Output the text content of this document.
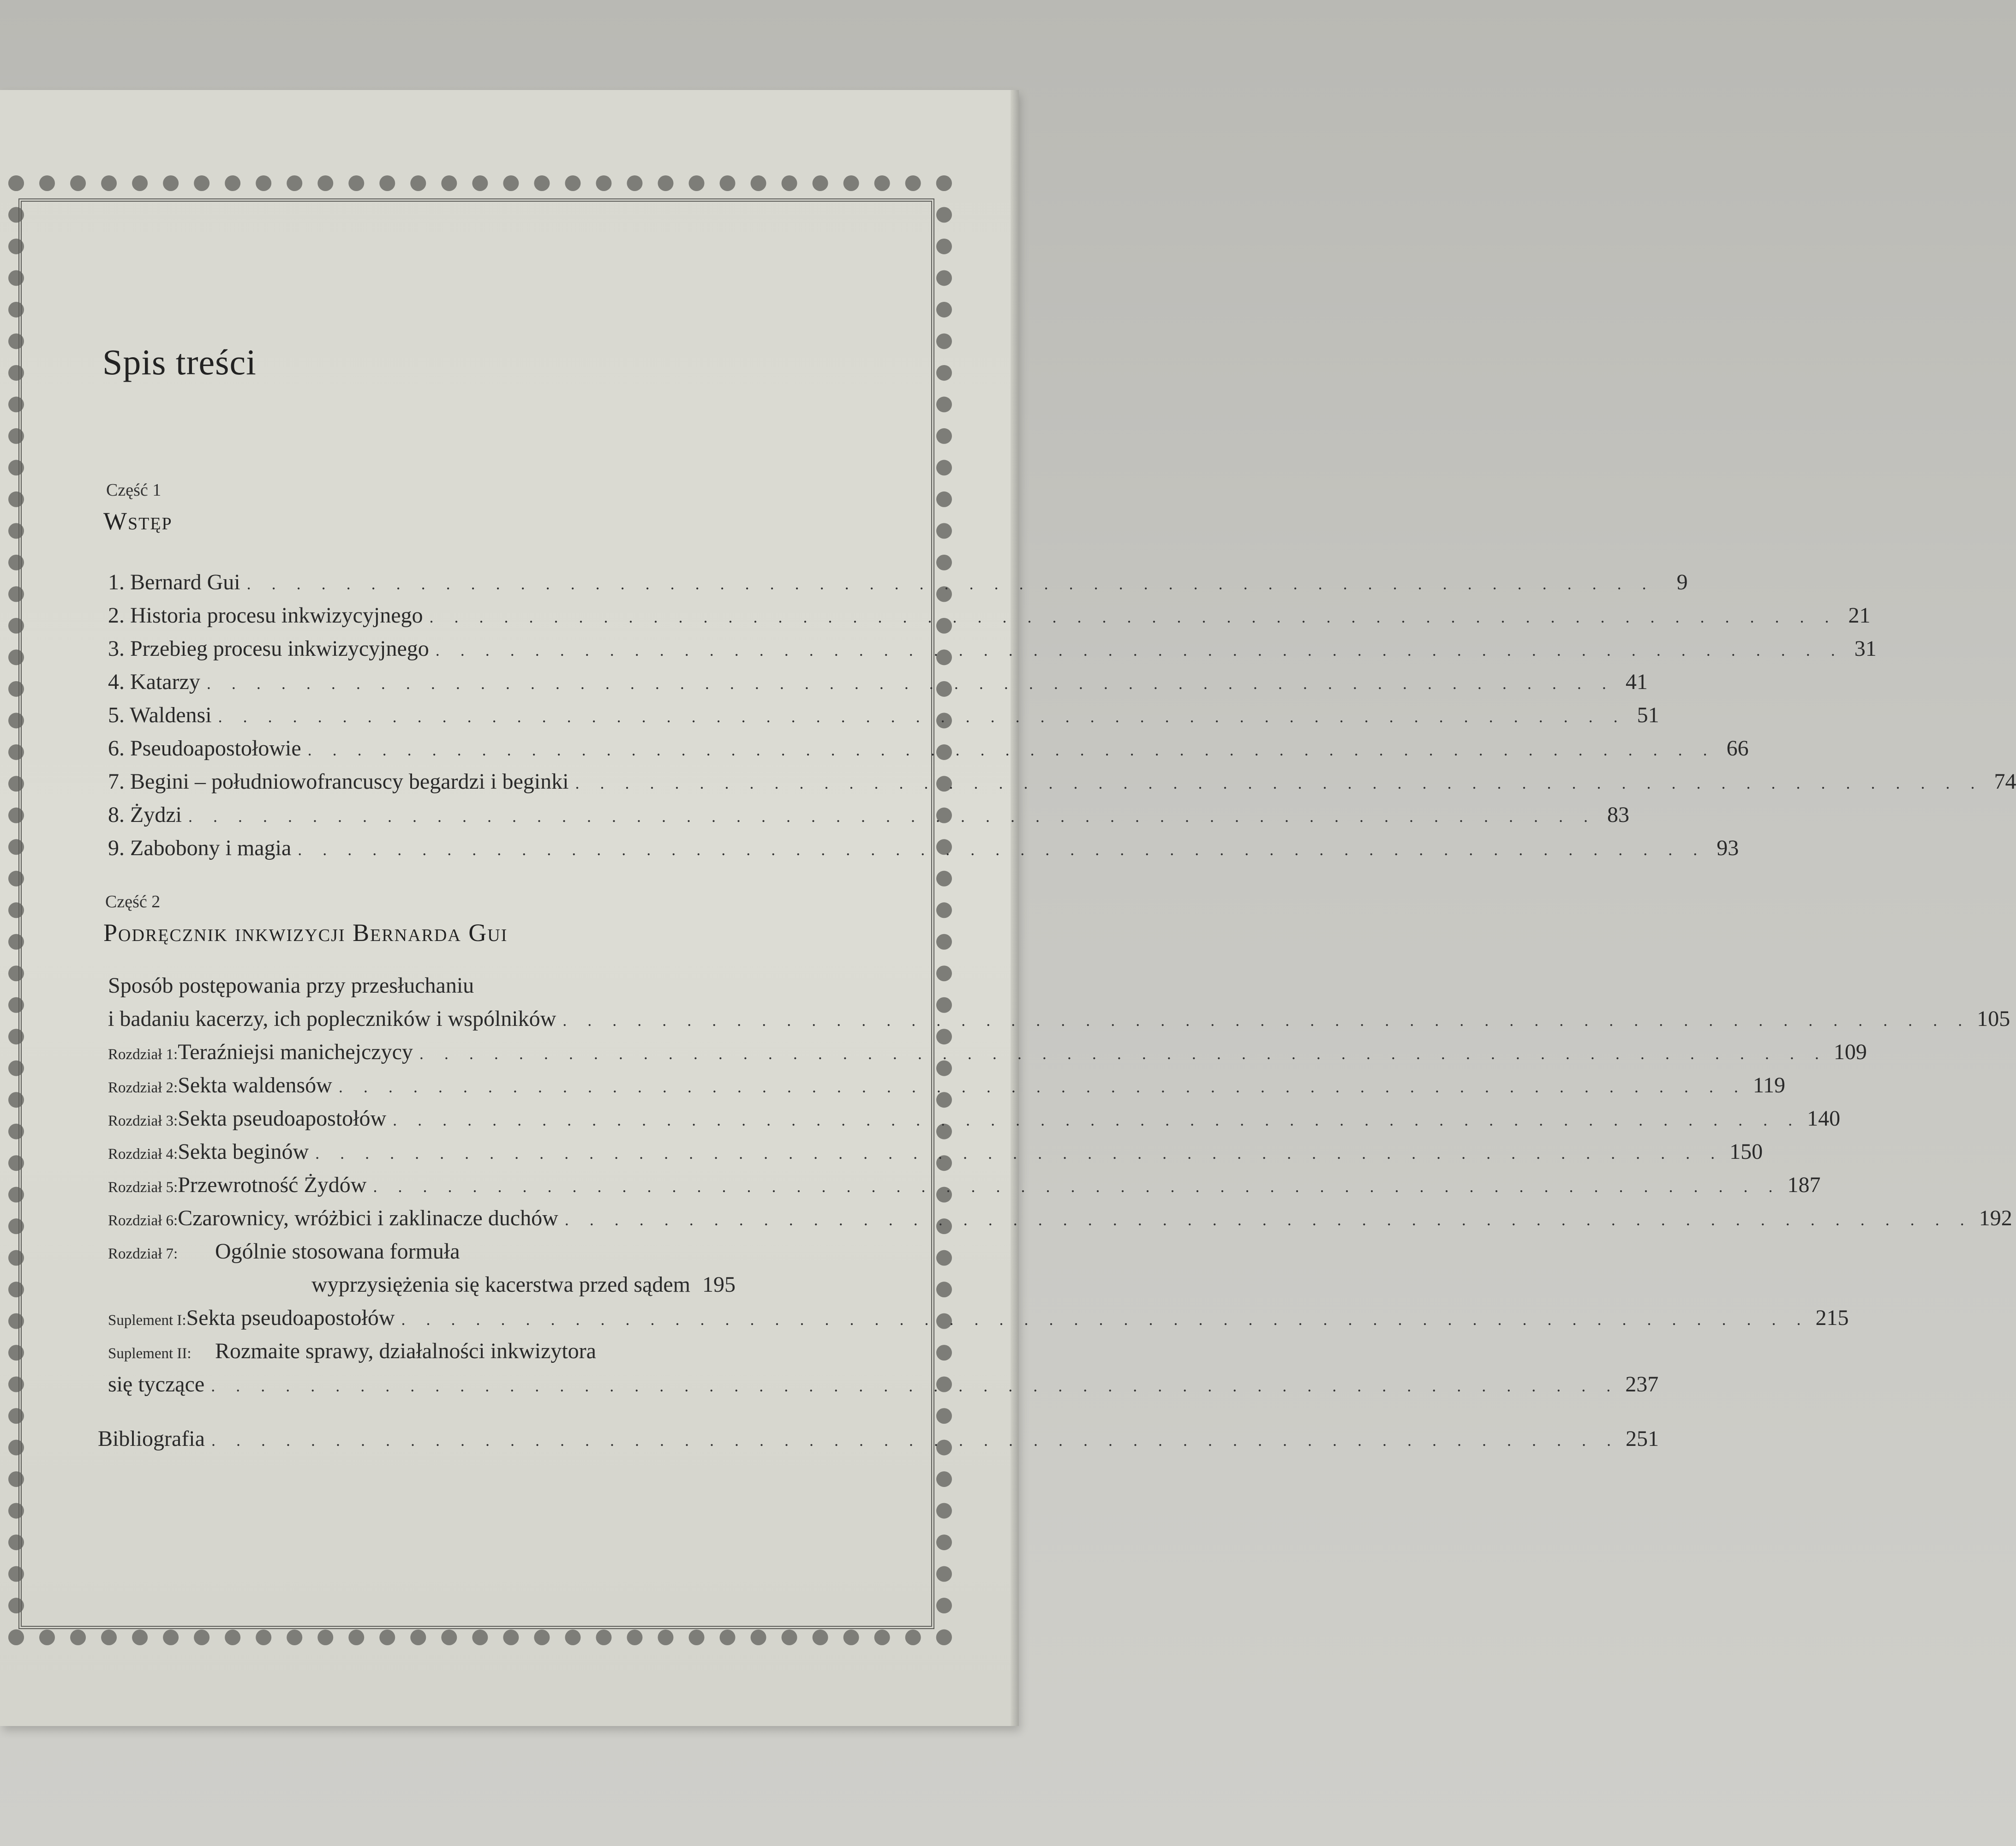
Spis treści
Część 1
Wstęp
1. Bernard Gui . . . . . . . . . . . . . . . . . . . . . . . . . . . . . . . . . . . . . . . . . . . . . . . . . . . . . . . . .	9
2. Historia procesu inkwizycyjnego . . . . . . . . . . . . . . . . . . . . . . . . . . . . . . . . . . . . . . . . . . . . . . . . . . . . . . . . . 21
3. Przebieg procesu inkwizycyjnego . . . . . . . . . . . . . . . . . . . . . . . . . . . . . . . . . . . . . . . . . . . . . . . . . . . . . . . . . 31
4. Katarzy . . . . . . . . . . . . . . . . . . . . . . . . . . . . . . . . . . . . . . . . . . . . . . . . . . . . . . . . . 41
5. Waldensi . . . . . . . . . . . . . . . . . . . . . . . . . . . . . . . . . . . . . . . . . . . . . . . . . . . . . . . . . 51
6. Pseudoapostołowie . . . . . . . . . . . . . . . . . . . . . . . . . . . . . . . . . . . . . . . . . . . . . . . . . . . . . . . . . 66
7. Begini – południowofrancuscy begardzi i beginki . . . . . . . . . . . . . . . . . . . . . . . . . . . . . . . . . . . . . . . . . . . . . . . . . . . . . . . . . 74
8. Żydzi . . . . . . . . . . . . . . . . . . . . . . . . . . . . . . . . . . . . . . . . . . . . . . . . . . . . . . . . . 83
9. Zabobony i magia . . . . . . . . . . . . . . . . . . . . . . . . . . . . . . . . . . . . . . . . . . . . . . . . . . . . . . . . . 93
Część 2
Podręcznik inkwizycji Bernarda Gui
Sposób postępowania przy przesłuchaniu
i badaniu kacerzy, ich popleczników i wspólników . . . . . . . . . . . . . . . . . . . . . . . . . . . . . . . . . . . . . . . . . . . . . . . . . . . . . . . . . 105
Rozdział 1: Teraźniejsi manichejczycy . . . . . . . . . . . . . . . . . . . . . . . . . . . . . . . . . . . . . . . . . . . . . . . . . . . . . . . . . 109
Rozdział 2: Sekta waldensów . . . . . . . . . . . . . . . . . . . . . . . . . . . . . . . . . . . . . . . . . . . . . . . . . . . . . . . . . 119
Rozdział 3: Sekta pseudoapostołów . . . . . . . . . . . . . . . . . . . . . . . . . . . . . . . . . . . . . . . . . . . . . . . . . . . . . . . . . 140
Rozdział 4: Sekta beginów . . . . . . . . . . . . . . . . . . . . . . . . . . . . . . . . . . . . . . . . . . . . . . . . . . . . . . . . . 150
Rozdział 5: Przewrotność Żydów . . . . . . . . . . . . . . . . . . . . . . . . . . . . . . . . . . . . . . . . . . . . . . . . . . . . . . . . . 187
Rozdział 6: Czarownicy, wróżbici i zaklinacze duchów . . . . . . . . . . . . . . . . . . . . . . . . . . . . . . . . . . . . . . . . . . . . . . . . . . . . . . . . . 192
Rozdział 7:	Ogólnie stosowana formuła
wyprzysiężenia się kacerstwa przed sądem 195
Suplement I: Sekta pseudoapostołów . . . . . . . . . . . . . . . . . . . . . . . . . . . . . . . . . . . . . . . . . . . . . . . . . . . . . . . . . 215
Suplement II:	Rozmaite sprawy, działalności inkwizytora
się tyczące . . . . . . . . . . . . . . . . . . . . . . . . . . . . . . . . . . . . . . . . . . . . . . . . . . . . . . . . . 237
Bibliografia . . . . . . . . . . . . . . . . . . . . . . . . . . . . . . . . . . . . . . . . . . . . . . . . . . . . . . . . . 251
